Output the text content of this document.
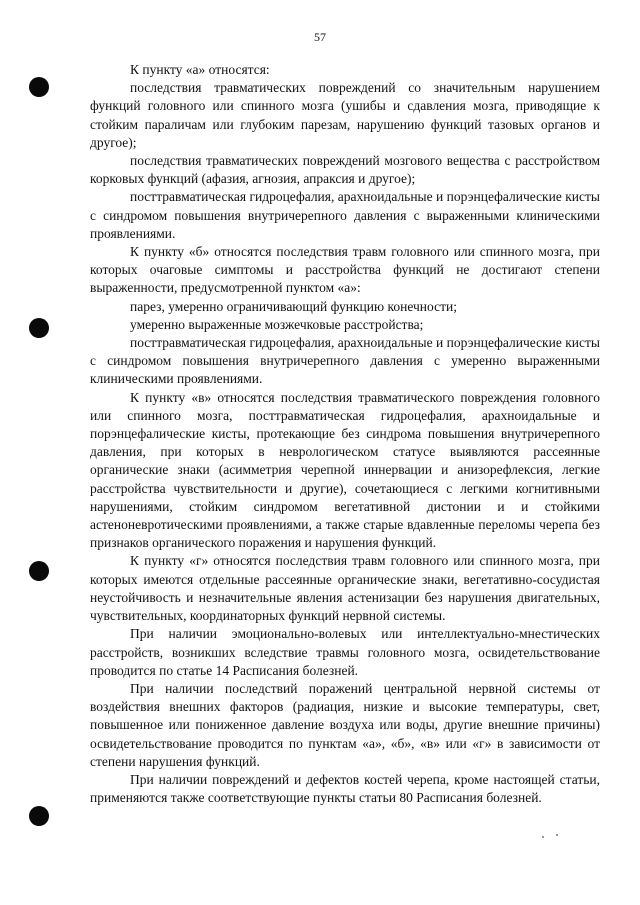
57

К пункту «а» относятся:

последствия травматических повреждений со значительным нарушением функций головного или спинного мозга (ушибы и сдавления мозга, приводящие к стойким параличам или глубоким парезам, нарушению функций тазовых органов и другое);

последствия травматических повреждений мозгового вещества с расстройством корковых функций (афазия, агнозия, апраксия и другое);

посттравматическая гидроцефалия, арахноидальные и порэнцефалические кисты с синдромом повышения внутричерепного давления с выраженными клиническими проявлениями.

К пункту «б» относятся последствия травм головного или спинного мозга, при которых очаговые симптомы и расстройства функций не достигают степени выраженности, предусмотренной пунктом «а»:

парез, умеренно ограничивающий функцию конечности;

умеренно выраженные мозжечковые расстройства;

посттравматическая гидроцефалия, арахноидальные и порэнцефалические кисты с синдромом повышения внутричерепного давления с умеренно выраженными клиническими проявлениями.

К пункту «в» относятся последствия травматического повреждения головного или спинного мозга, посттравматическая гидроцефалия, арахноидальные и порэнцефалические кисты, протекающие без синдрома повышения внутричерепного давления, при которых в неврологическом статусе выявляются рассеянные органические знаки (асимметрия черепной иннервации и анизорефлексия, легкие расстройства чувствительности и другие), сочетающиеся с легкими когнитивными нарушениями, стойким синдромом вегетативной дистонии и и стойкими астеноневротическими проявлениями, а также старые вдавленные переломы черепа без признаков органического поражения и нарушения функций.

К пункту «г» относятся последствия травм головного или спинного мозга, при которых имеются отдельные рассеянные органические знаки, вегетативно-сосудистая неустойчивость и незначительные явления астенизации без нарушения двигательных, чувствительных, координаторных функций нервной системы.

При наличии эмоционально-волевых или интеллектуально-мнестических расстройств, возникших вследствие травмы головного мозга, освидетельствование проводится по статье 14 Расписания болезней.

При наличии последствий поражений центральной нервной системы от воздействия внешних факторов (радиация, низкие и высокие температуры, свет, повышенное или пониженное давление воздуха или воды, другие внешние причины) освидетельствование проводится по пунктам «а», «б», «в» или «г» в зависимости от степени нарушения функций.

При наличии повреждений и дефектов костей черепа, кроме настоящей статьи, применяются также соответствующие пункты статьи 80 Расписания болезней.
